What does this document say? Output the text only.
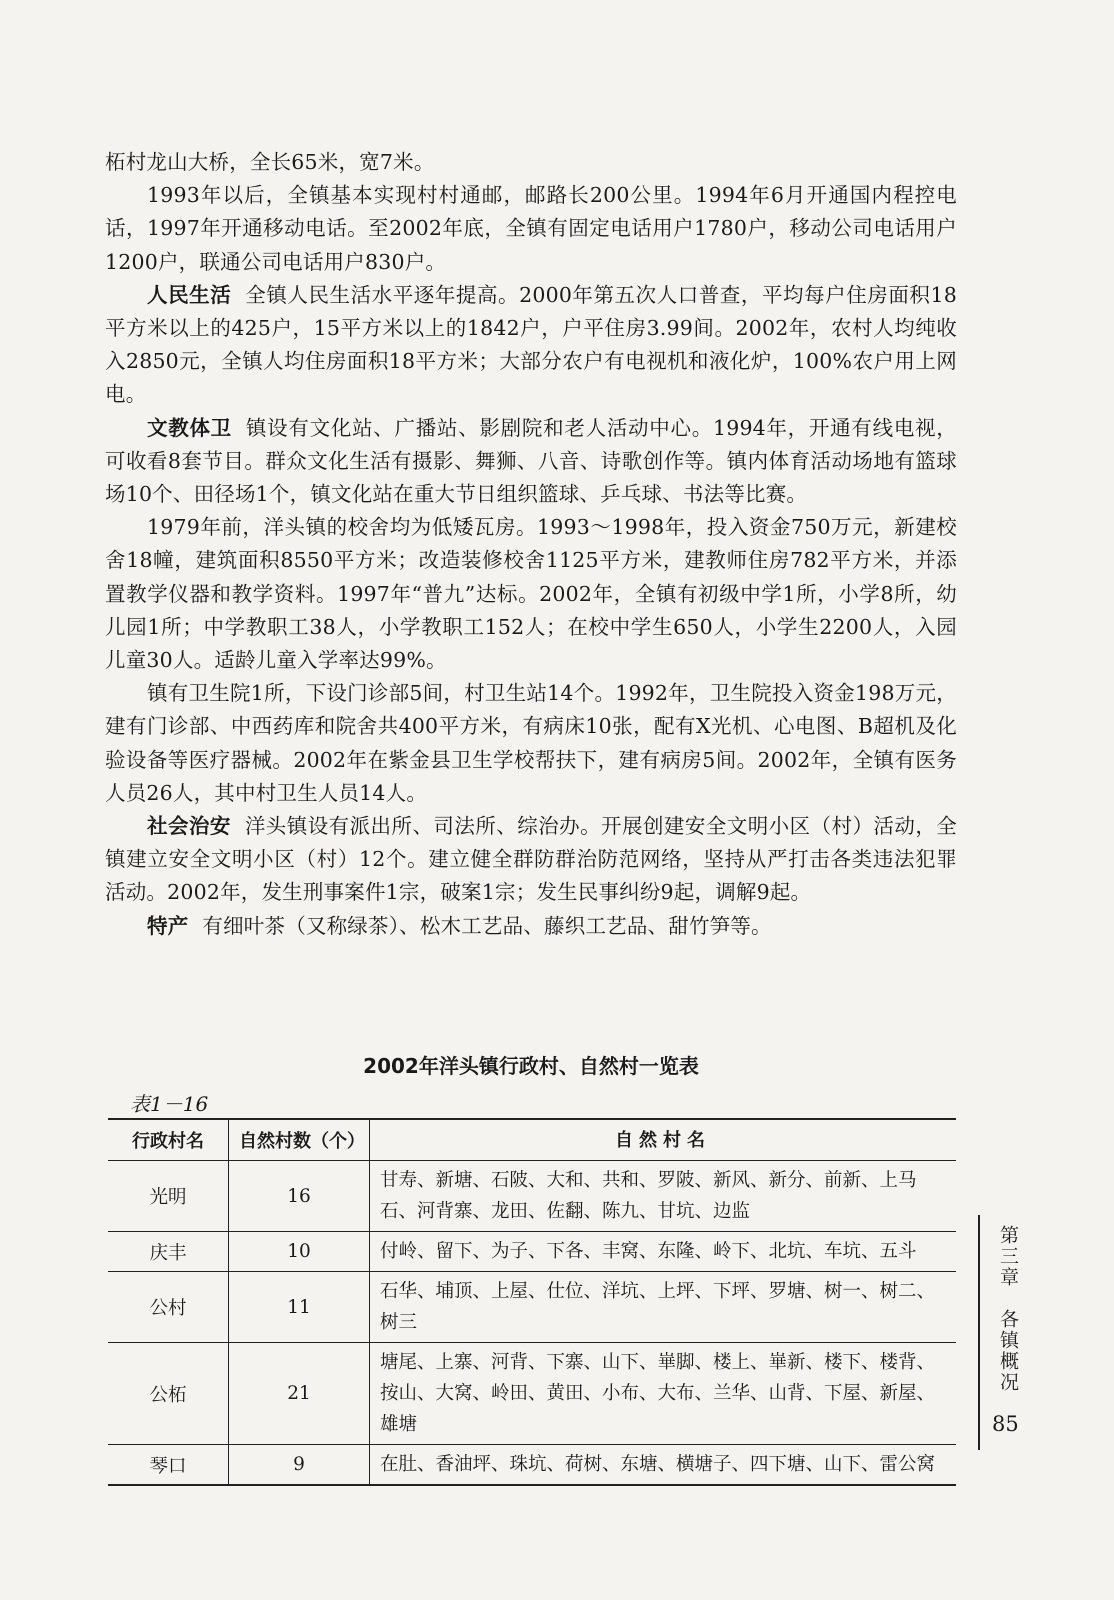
柘村龙山大桥，全长65米，宽7米。

1993年以后，全镇基本实现村村通邮，邮路长200公里。1994年6月开通国内程控电话，1997年开通移动电话。至2002年底，全镇有固定电话用户1780户，移动公司电话用户1200户，联通公司电话用户830户。

人民生活 全镇人民生活水平逐年提高。2000年第五次人口普查，平均每户住房面积18平方米以上的425户，15平方米以上的1842户，户平住房3.99间。2002年，农村人均纯收入2850元，全镇人均住房面积18平方米；大部分农户有电视机和液化炉，100%农户用上网电。

文教体卫 镇设有文化站、广播站、影剧院和老人活动中心。1994年，开通有线电视，可收看8套节目。群众文化生活有摄影、舞狮、八音、诗歌创作等。镇内体育活动场地有篮球场10个、田径场1个，镇文化站在重大节日组织篮球、乒乓球、书法等比赛。

1979年前，洋头镇的校舍均为低矮瓦房。1993～1998年，投入资金750万元，新建校舍18幢，建筑面积8550平方米；改造装修校舍1125平方米，建教师住房782平方米，并添置教学仪器和教学资料。1997年“普九”达标。2002年，全镇有初级中学1所，小学8所，幼儿园1所；中学教职工38人，小学教职工152人；在校中学生650人，小学生2200人，入园儿童30人。适龄儿童入学率达99%。

镇有卫生院1所，下设门诊部5间，村卫生站14个。1992年，卫生院投入资金198万元，建有门诊部、中西药库和院舍共400平方米，有病床10张，配有X光机、心电图、B超机及化验设备等医疗器械。2002年在紫金县卫生学校帮扶下，建有病房5间。2002年，全镇有医务人员26人，其中村卫生人员14人。

社会治安 洋头镇设有派出所、司法所、综治办。开展创建安全文明小区（村）活动，全镇建立安全文明小区（村）12个。建立健全群防群治防范网络，坚持从严打击各类违法犯罪活动。2002年，发生刑事案件1宗，破案1宗；发生民事纠纷9起，调解9起。

特产 有细叶茶（又称绿茶）、松木工艺品、藤织工艺品、甜竹笋等。

2002年洋头镇行政村、自然村一览表
表1－16
行政村名	自然村数（个）	自然村名
光明	16	甘寿、新塘、石陂、大和、共和、罗陂、新风、新分、前新、上马石、河背寨、龙田、佐翻、陈九、甘坑、边监
庆丰	10	付岭、留下、为子、下各、丰窝、东隆、岭下、北坑、车坑、五斗
公村	11	石华、埔顶、上屋、仕位、洋坑、上坪、下坪、罗塘、树一、树二、树三
公柘	21	塘尾、上寨、河背、下寨、山下、崋脚、楼上、崋新、楼下、楼背、按山、大窝、岭田、黄田、小布、大布、兰华、山背、下屋、新屋、雄塘
琴口	9	在肚、香油坪、珠坑、荷树、东塘、横塘子、四下塘、山下、雷公窝
第三章　各镇概况
85
